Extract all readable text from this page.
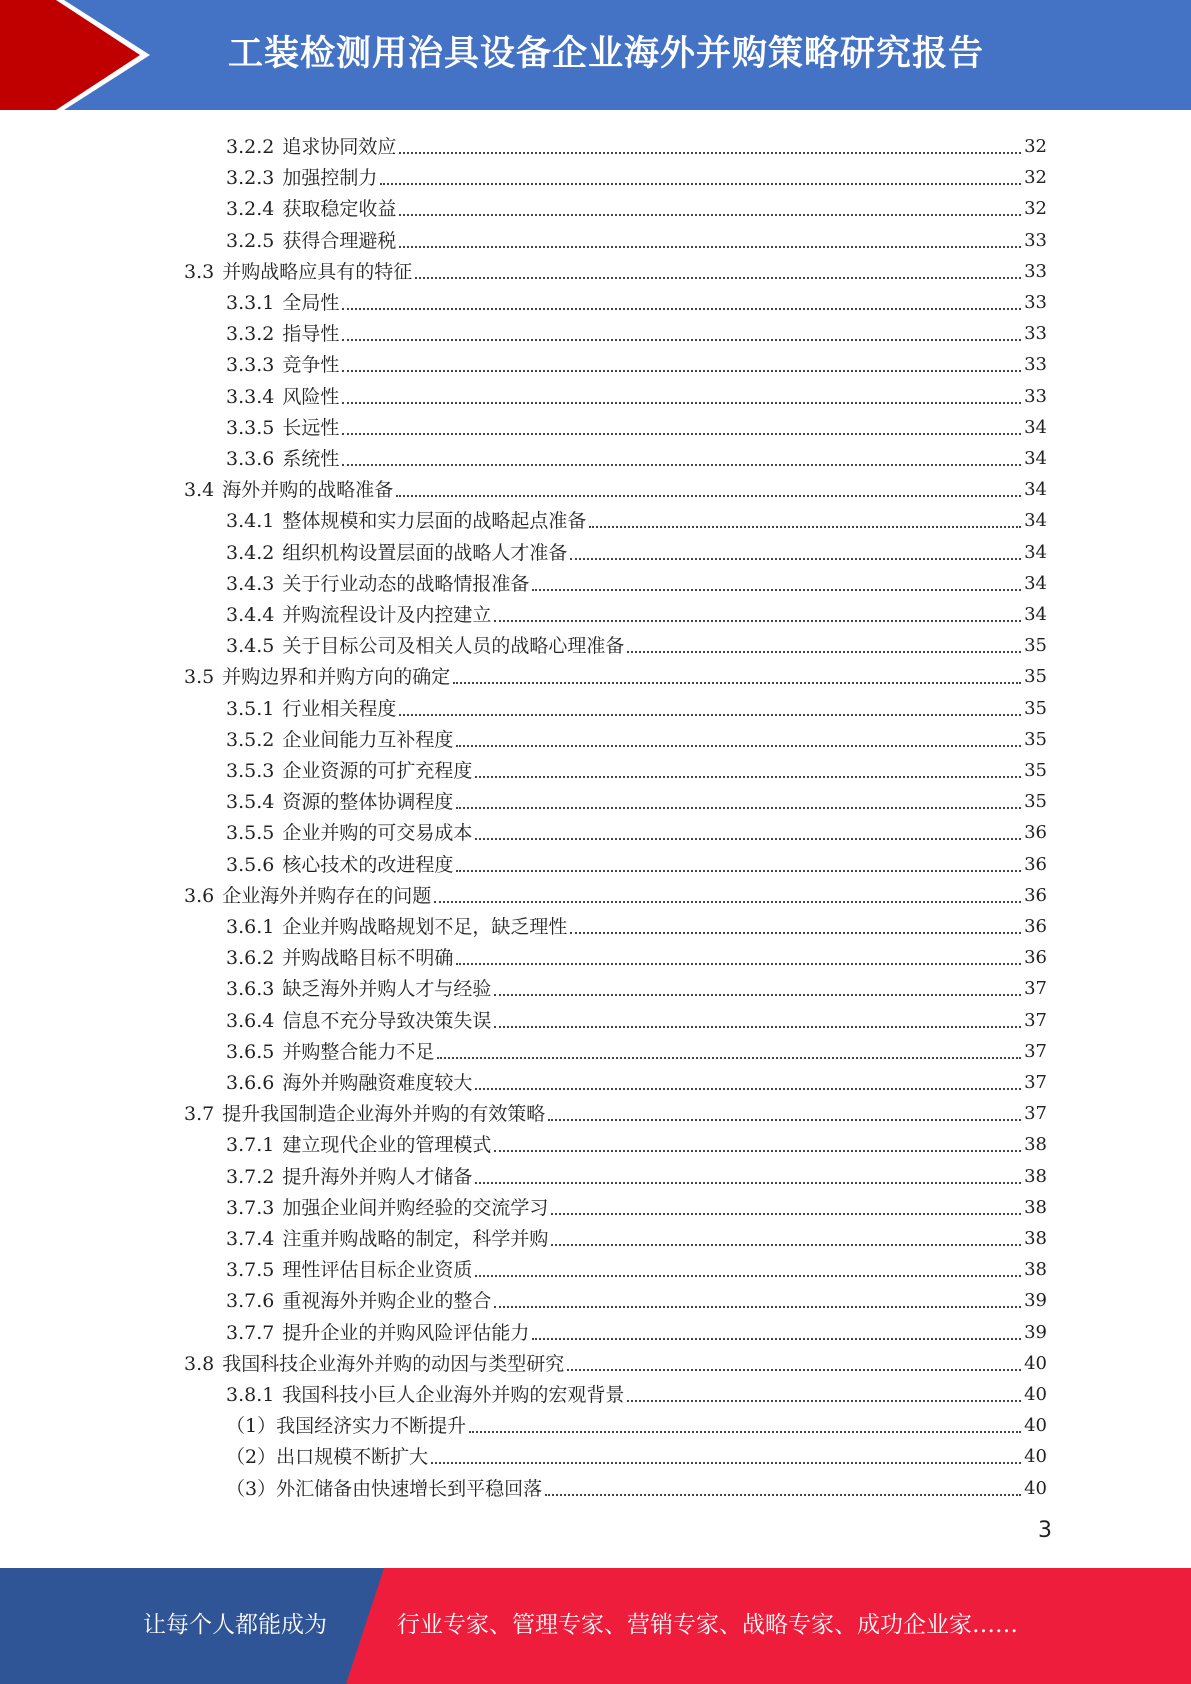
工装检测用治具设备企业海外并购策略研究报告
3.2.2 追求协同效应	32
3.2.3 加强控制力	32
3.2.4 获取稳定收益	32
3.2.5 获得合理避税	33
3.3 并购战略应具有的特征	33
3.3.1 全局性	33
3.3.2 指导性	33
3.3.3 竞争性	33
3.3.4 风险性	33
3.3.5 长远性	34
3.3.6 系统性	34
3.4 海外并购的战略准备	34
3.4.1 整体规模和实力层面的战略起点准备	34
3.4.2 组织机构设置层面的战略人才准备	34
3.4.3 关于行业动态的战略情报准备	34
3.4.4 并购流程设计及内控建立	34
3.4.5 关于目标公司及相关人员的战略心理准备	35
3.5 并购边界和并购方向的确定	35
3.5.1 行业相关程度	35
3.5.2 企业间能力互补程度	35
3.5.3 企业资源的可扩充程度	35
3.5.4 资源的整体协调程度	35
3.5.5 企业并购的可交易成本	36
3.5.6 核心技术的改进程度	36
3.6 企业海外并购存在的问题	36
3.6.1 企业并购战略规划不足，缺乏理性	36
3.6.2 并购战略目标不明确	36
3.6.3 缺乏海外并购人才与经验	37
3.6.4 信息不充分导致决策失误	37
3.6.5 并购整合能力不足	37
3.6.6 海外并购融资难度较大	37
3.7 提升我国制造企业海外并购的有效策略	37
3.7.1 建立现代企业的管理模式	38
3.7.2 提升海外并购人才储备	38
3.7.3 加强企业间并购经验的交流学习	38
3.7.4 注重并购战略的制定，科学并购	38
3.7.5 理性评估目标企业资质	38
3.7.6 重视海外并购企业的整合	39
3.7.7 提升企业的并购风险评估能力	39
3.8 我国科技企业海外并购的动因与类型研究	40
3.8.1 我国科技小巨人企业海外并购的宏观背景	40
（1） 我国经济实力不断提升	40
（2） 出口规模不断扩大	40
（3） 外汇储备由快速增长到平稳回落	40
3
让每个人都能成为	行业专家、管理专家、营销专家、战略专家、成功企业家……
